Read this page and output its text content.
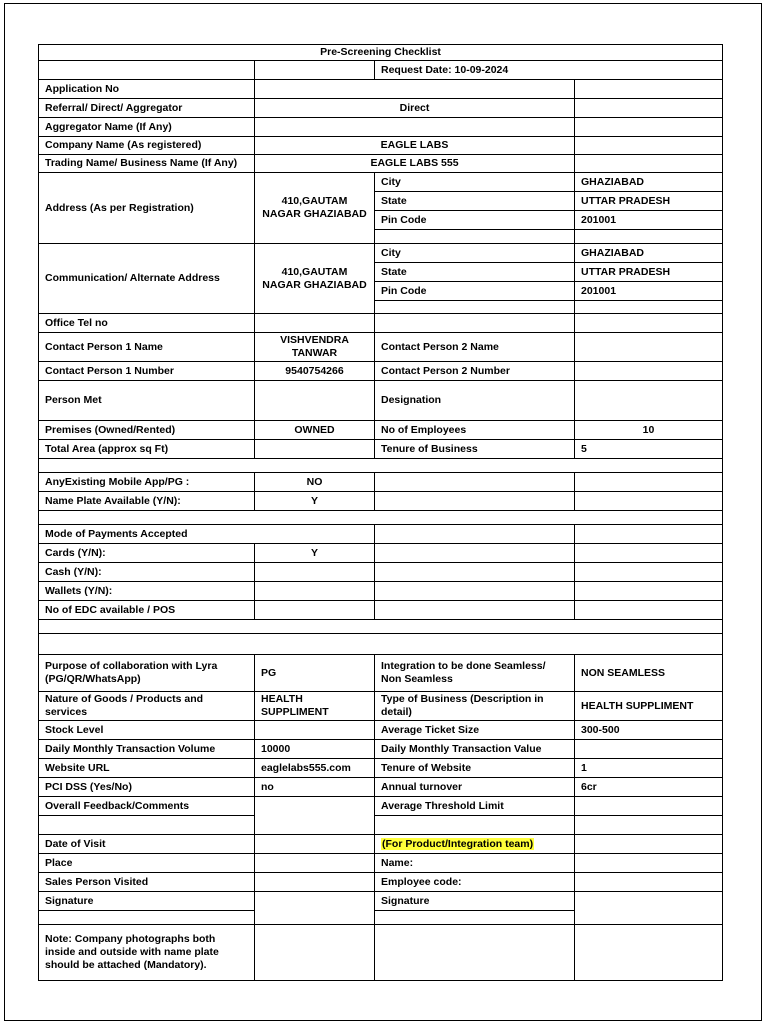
Pre-Screening Checklist			
		Request Date: 10-09-2024	
Application No			
Referral/ Direct/ Aggregator	Direct		
Aggregator Name (If Any)			
Company Name (As registered)	EAGLE LABS		
Trading Name/ Business Name (If Any)	EAGLE LABS 555		
Address (As per Registration)	410,GAUTAM NAGAR GHAZIABAD	City	GHAZIABAD
		State	UTTAR PRADESH
		Pin Code	201001

Communication/ Alternate Address	410,GAUTAM NAGAR GHAZIABAD	City	GHAZIABAD
		State	UTTAR PRADESH
		Pin Code	201001

Office Tel no			
Contact Person 1 Name	VISHVENDRA TANWAR	Contact Person 2 Name	
Contact Person 1 Number	9540754266	Contact Person 2 Number	
Person Met		Designation	
Premises (Owned/Rented)	OWNED	No of Employees	10
Total Area (approx sq Ft)		Tenure of Business	5

AnyExisting Mobile App/PG :	NO		
Name Plate Available (Y/N):	Y		

Mode of Payments Accepted			
Cards (Y/N):	Y		
Cash (Y/N):			
Wallets (Y/N):			
No of EDC available / POS			

Purpose of collaboration with Lyra (PG/QR/WhatsApp)	PG	Integration to be done Seamless/ Non Seamless	NON SEAMLESS
Nature of Goods / Products and services	HEALTH SUPPLIMENT	Type of Business (Description in detail)	HEALTH SUPPLIMENT
Stock Level		Average Ticket Size	300-500
Daily Monthly Transaction Volume	10000	Daily Monthly Transaction Value	
Website URL	eaglelabs555.com	Tenure of Website	1
PCI DSS (Yes/No)	no	Annual turnover	6cr
Overall Feedback/Comments		Average Threshold Limit	

Date of Visit		(For Product/Integration team)	
Place		Name:	
Sales Person Visited		Employee code:	
Signature		Signature	

Note: Company photographs both inside and outside with name plate should be attached (Mandatory).			
